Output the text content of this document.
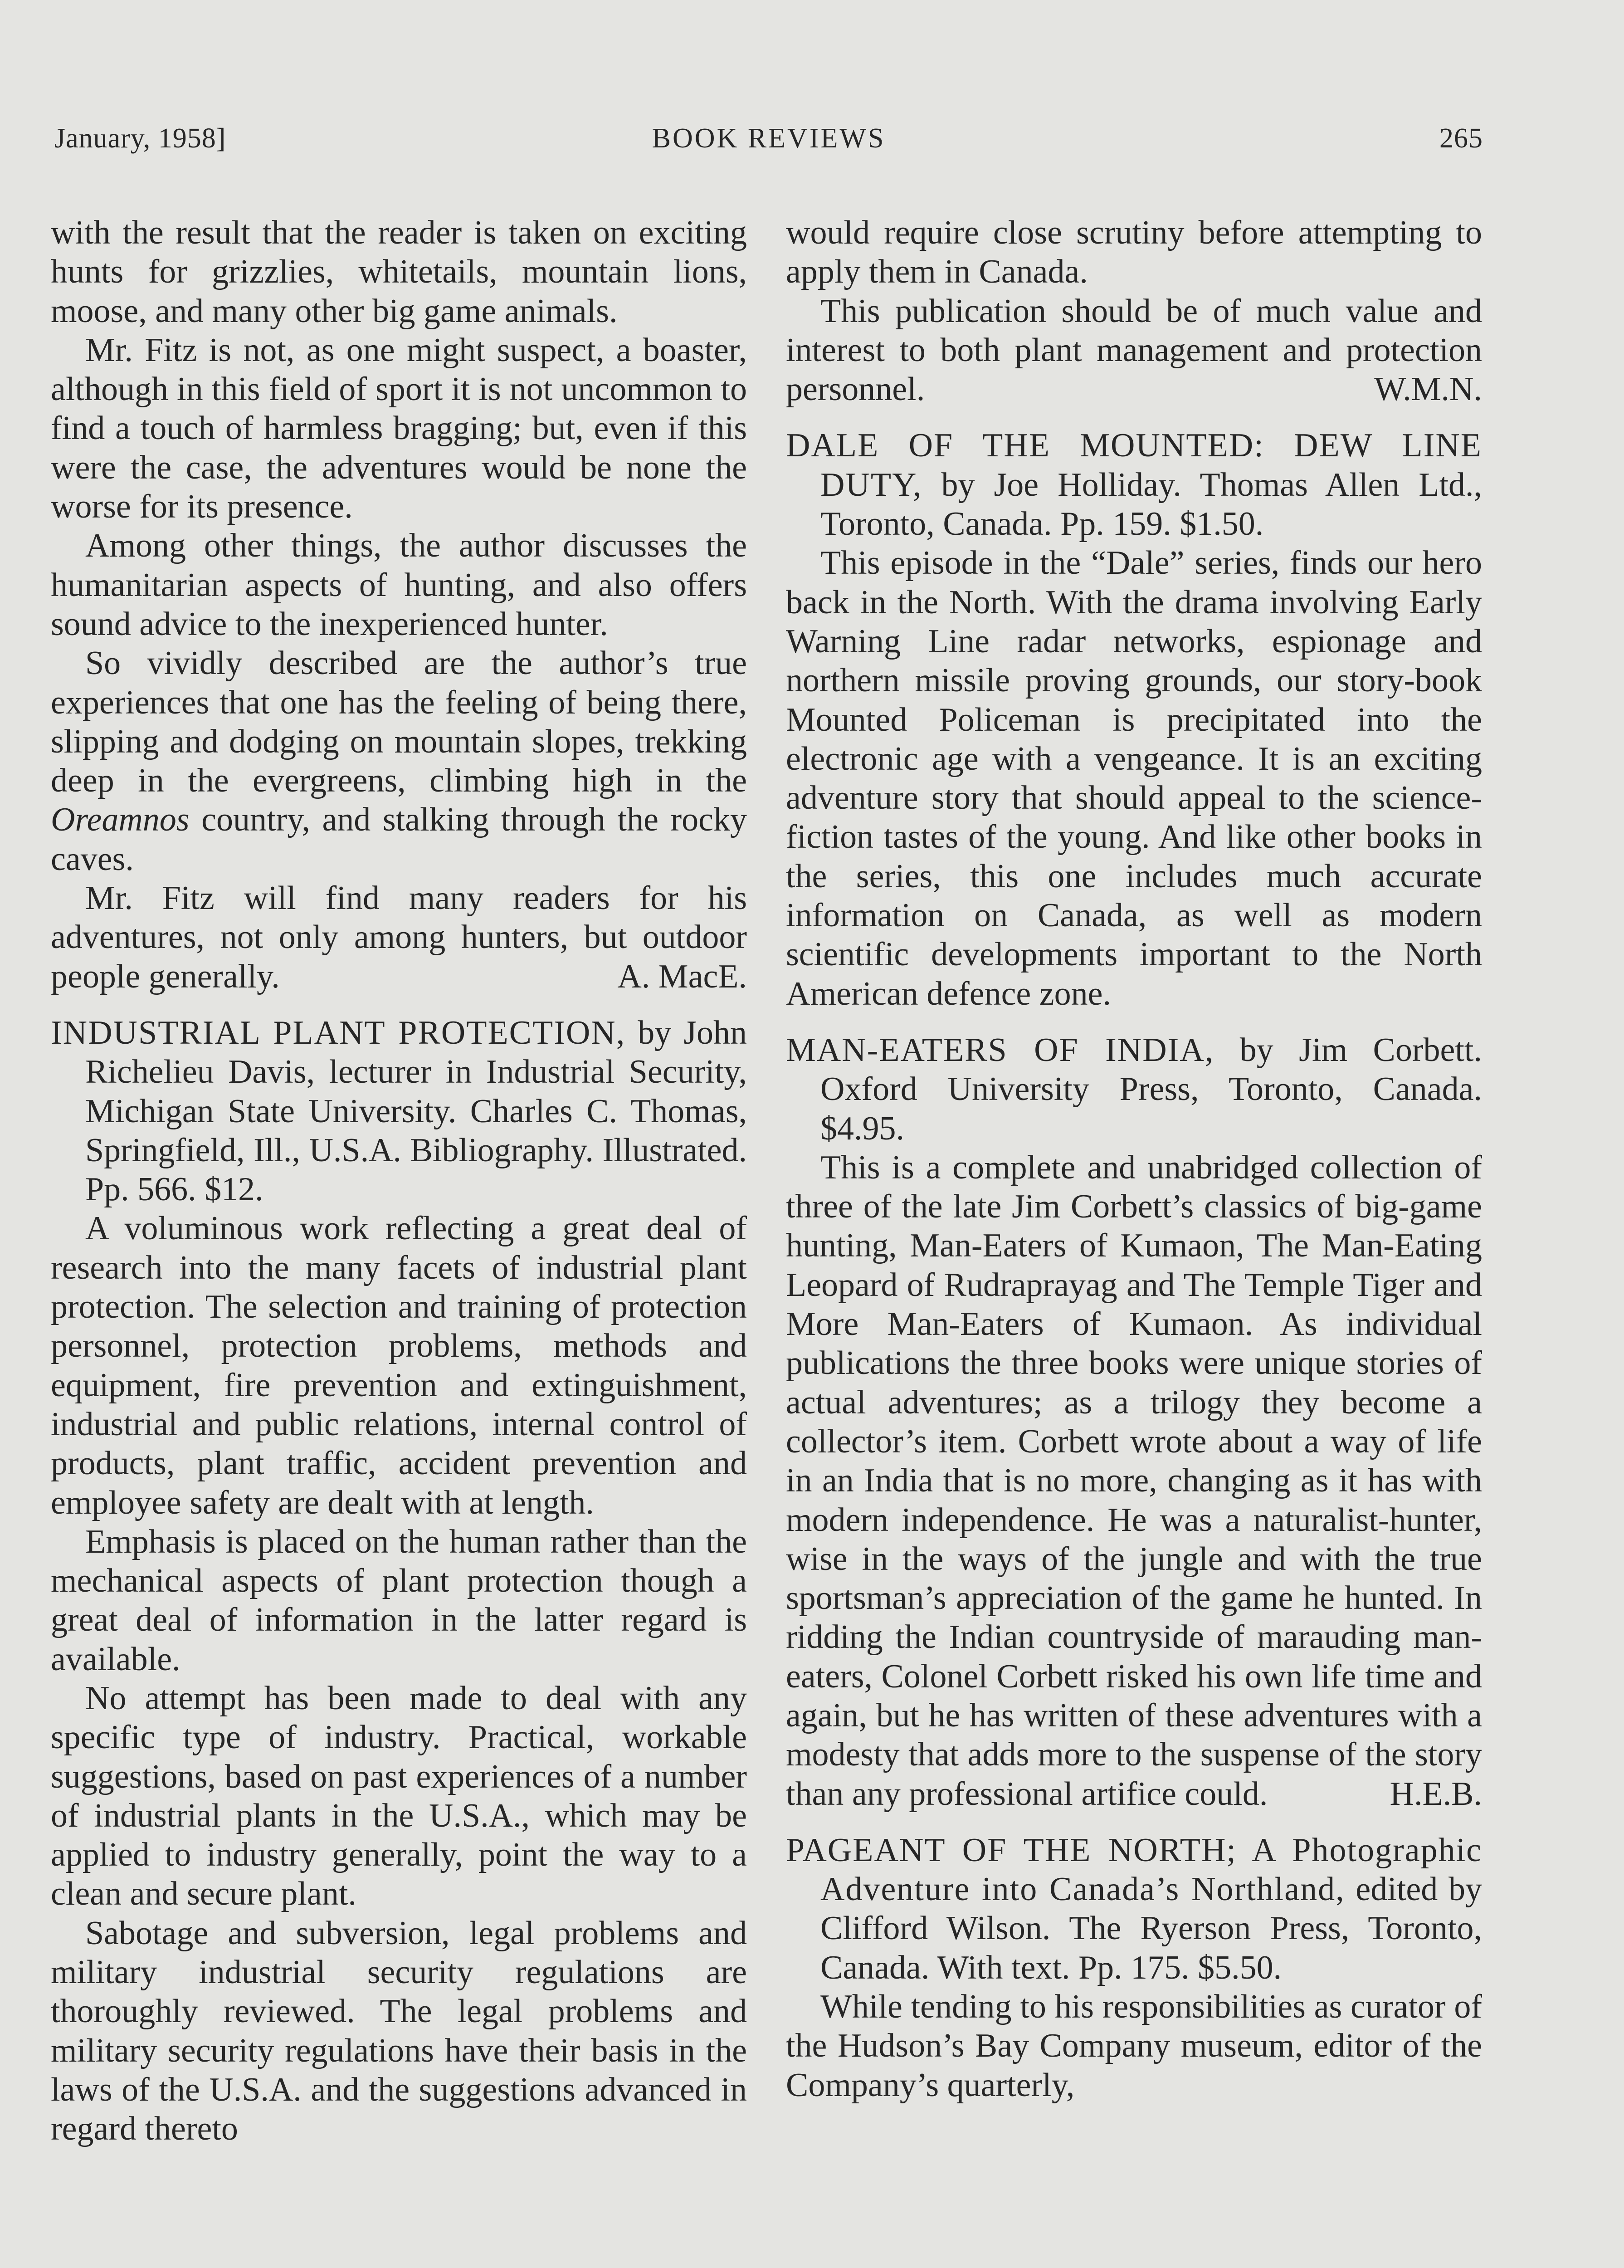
January, 1958]	BOOK REVIEWS	265

with the result that the reader is taken on exciting hunts for grizzlies, whitetails, mountain lions, moose, and many other big game animals.

Mr. Fitz is not, as one might suspect, a boaster, although in this field of sport it is not uncommon to find a touch of harmless bragging; but, even if this were the case, the adventures would be none the worse for its presence.

Among other things, the author discusses the humanitarian aspects of hunting, and also offers sound advice to the inexperienced hunter.

So vividly described are the author’s true experiences that one has the feeling of being there, slipping and dodging on mountain slopes, trekking deep in the evergreens, climbing high in the Oreamnos country, and stalking through the rocky caves.

Mr. Fitz will find many readers for his adventures, not only among hunters, but outdoor people generally.	A. MacE.

INDUSTRIAL PLANT PROTECTION, by John Richelieu Davis, lecturer in Industrial Security, Michigan State University. Charles C. Thomas, Springfield, Ill., U.S.A. Bibliography. Illustrated. Pp. 566. $12.

A voluminous work reflecting a great deal of research into the many facets of industrial plant protection. The selection and training of protection personnel, protection problems, methods and equipment, fire prevention and extinguishment, industrial and public relations, internal control of products, plant traffic, accident prevention and employee safety are dealt with at length.

Emphasis is placed on the human rather than the mechanical aspects of plant protection though a great deal of information in the latter regard is available.

No attempt has been made to deal with any specific type of industry. Practical, workable suggestions, based on past experiences of a number of industrial plants in the U.S.A., which may be applied to industry generally, point the way to a clean and secure plant.

Sabotage and subversion, legal problems and military industrial security regulations are thoroughly reviewed. The legal problems and military security regulations have their basis in the laws of the U.S.A. and the suggestions advanced in regard thereto

would require close scrutiny before attempting to apply them in Canada.

This publication should be of much value and interest to both plant management and protection personnel.	W.M.N.

DALE OF THE MOUNTED: DEW LINE DUTY, by Joe Holliday. Thomas Allen Ltd., Toronto, Canada. Pp. 159. $1.50.

This episode in the “Dale” series, finds our hero back in the North. With the drama involving Early Warning Line radar networks, espionage and northern missile proving grounds, our story-book Mounted Policeman is precipitated into the electronic age with a vengeance. It is an exciting adventure story that should appeal to the science-fiction tastes of the young. And like other books in the series, this one includes much accurate information on Canada, as well as modern scientific developments important to the North American defence zone.

MAN-EATERS OF INDIA, by Jim Corbett. Oxford University Press, Toronto, Canada. $4.95.

This is a complete and unabridged collection of three of the late Jim Corbett’s classics of big-game hunting, Man-Eaters of Kumaon, The Man-Eating Leopard of Rudraprayag and The Temple Tiger and More Man-Eaters of Kumaon. As individual publications the three books were unique stories of actual adventures; as a trilogy they become a collector’s item. Corbett wrote about a way of life in an India that is no more, changing as it has with modern independence. He was a naturalist-hunter, wise in the ways of the jungle and with the true sportsman’s appreciation of the game he hunted. In ridding the Indian countryside of marauding man-eaters, Colonel Corbett risked his own life time and again, but he has written of these adventures with a modesty that adds more to the suspense of the story than any professional artifice could.	H.E.B.

PAGEANT OF THE NORTH; A Photographic Adventure into Canada’s Northland, edited by Clifford Wilson. The Ryerson Press, Toronto, Canada. With text. Pp. 175. $5.50.

While tending to his responsibilities as curator of the Hudson’s Bay Company museum, editor of the Company’s quarterly,
